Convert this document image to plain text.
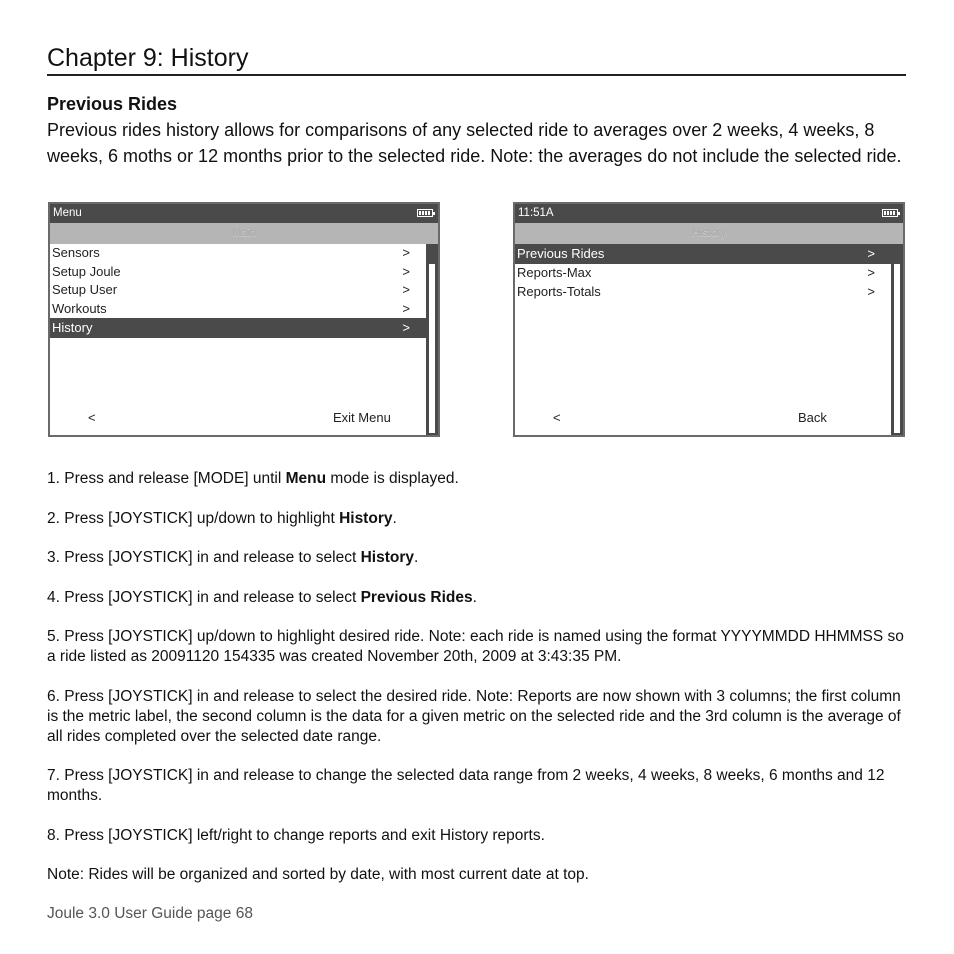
Chapter 9: History
Previous Rides

Previous rides history allows for comparisons of any selected ride to averages over 2 weeks, 4 weeks, 8 weeks, 6 moths or 12 months prior to the selected ride. Note: the averages do not include the selected ride.

Menu
Main
Sensors	>
Setup Joule	>
Setup User	>
Workouts	>
History	>
<	Exit Menu
11:51A
History
Previous Rides	>
Reports-Max	>
Reports-Totals	>
<	Back

1. Press and release [MODE] until Menu mode is displayed.

2. Press [JOYSTICK] up/down to highlight History.

3. Press [JOYSTICK] in and release to select History.

4. Press [JOYSTICK] in and release to select Previous Rides.

5. Press [JOYSTICK] up/down to highlight desired ride. Note: each ride is named using the format YYYYMMDD HHMMSS so a ride listed as 20091120 154335 was created November 20th, 2009 at 3:43:35 PM.

6. Press [JOYSTICK] in and release to select the desired ride. Note: Reports are now shown with 3 columns; the first column is the metric label, the second column is the data for a given metric on the selected ride and the 3rd column is the average of all rides completed over the selected date range.

7. Press [JOYSTICK] in and release to change the selected data range from 2 weeks, 4 weeks, 8 weeks, 6 months and 12 months.

8. Press [JOYSTICK] left/right to change reports and exit History reports.

Note: Rides will be organized and sorted by date, with most current date at top.

Joule 3.0 User Guide page 68
